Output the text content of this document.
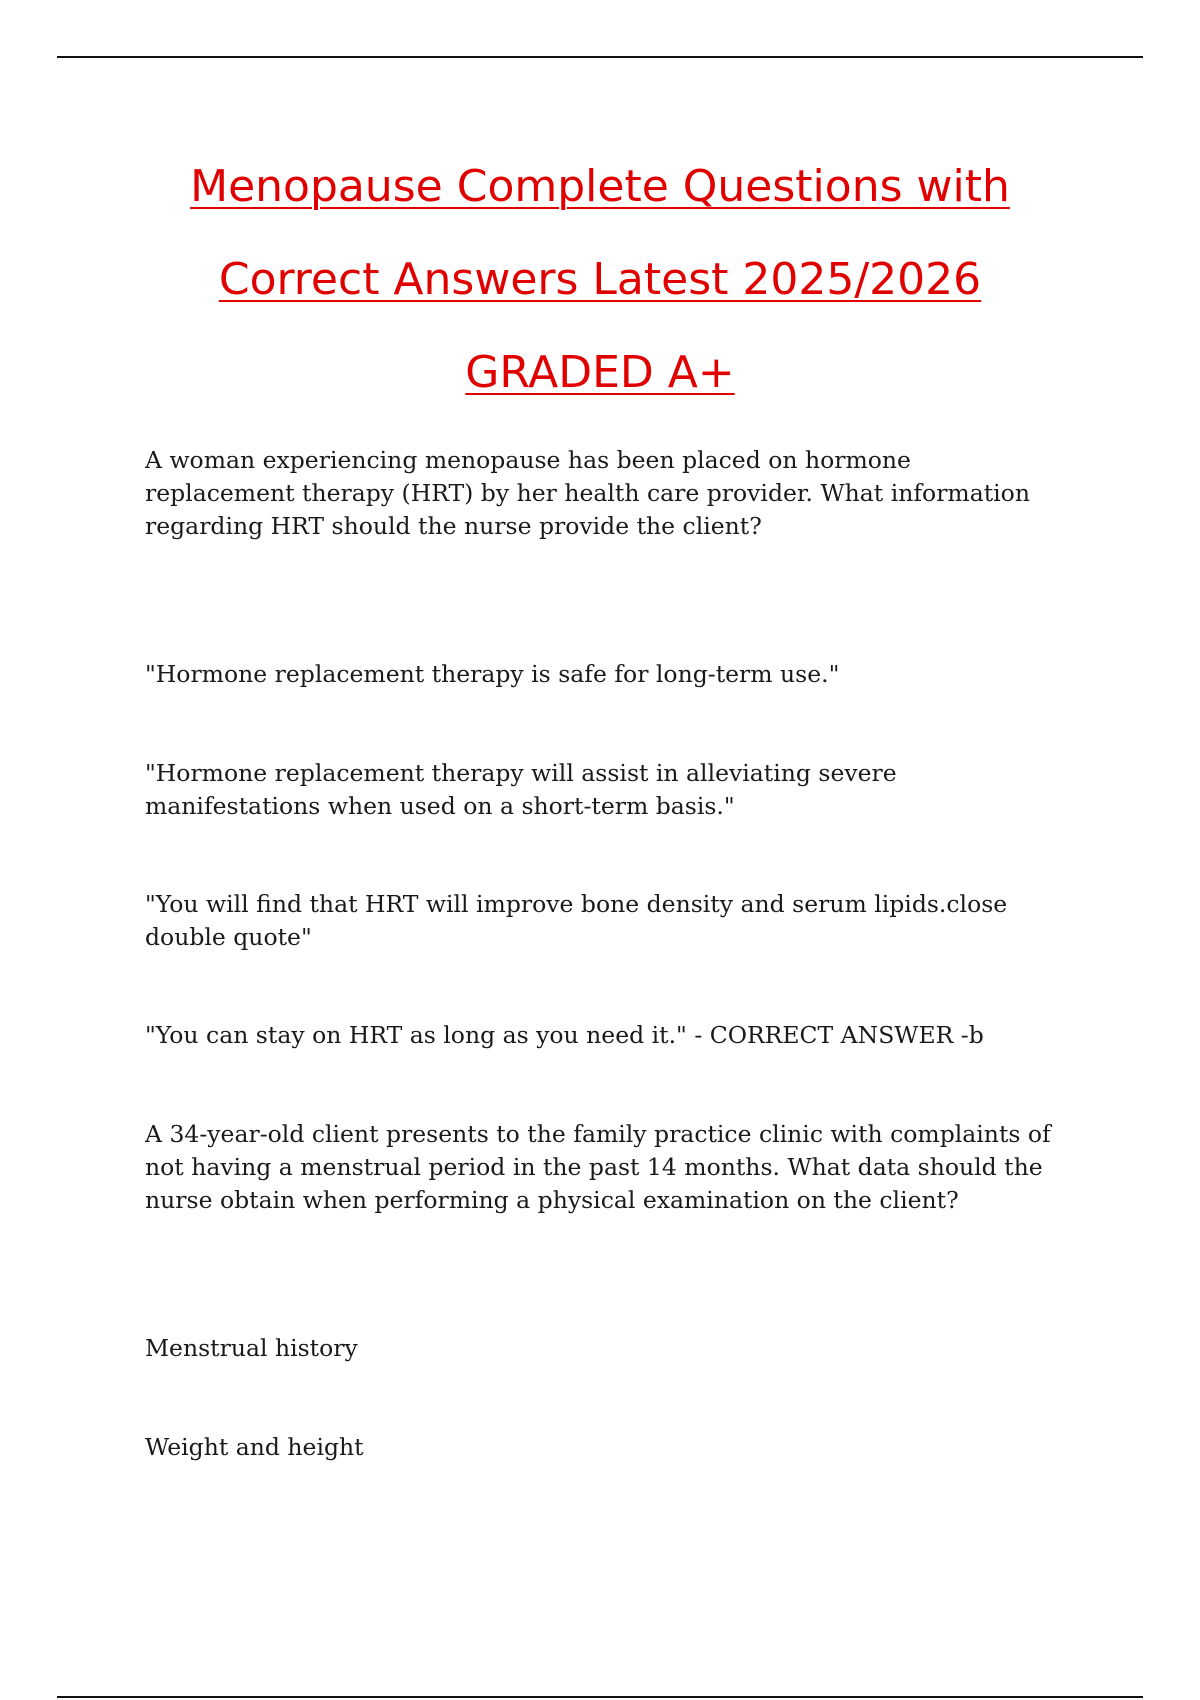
Menopause Complete Questions with
Correct Answers Latest 2025/2026
GRADED A+

A woman experiencing menopause has been placed on hormone replacement therapy (HRT) by her health care provider. What information regarding HRT should the nurse provide the client?

"Hormone replacement therapy is safe for long-term use."

"Hormone replacement therapy will assist in alleviating severe manifestations when used on a short-term basis."

"You will find that HRT will improve bone density and serum lipids.close double quote"

"You can stay on HRT as long as you need it." - CORRECT ANSWER -b

A 34-year-old client presents to the family practice clinic with complaints of not having a menstrual period in the past 14 months. What data should the nurse obtain when performing a physical examination on the client?

Menstrual history

Weight and height
